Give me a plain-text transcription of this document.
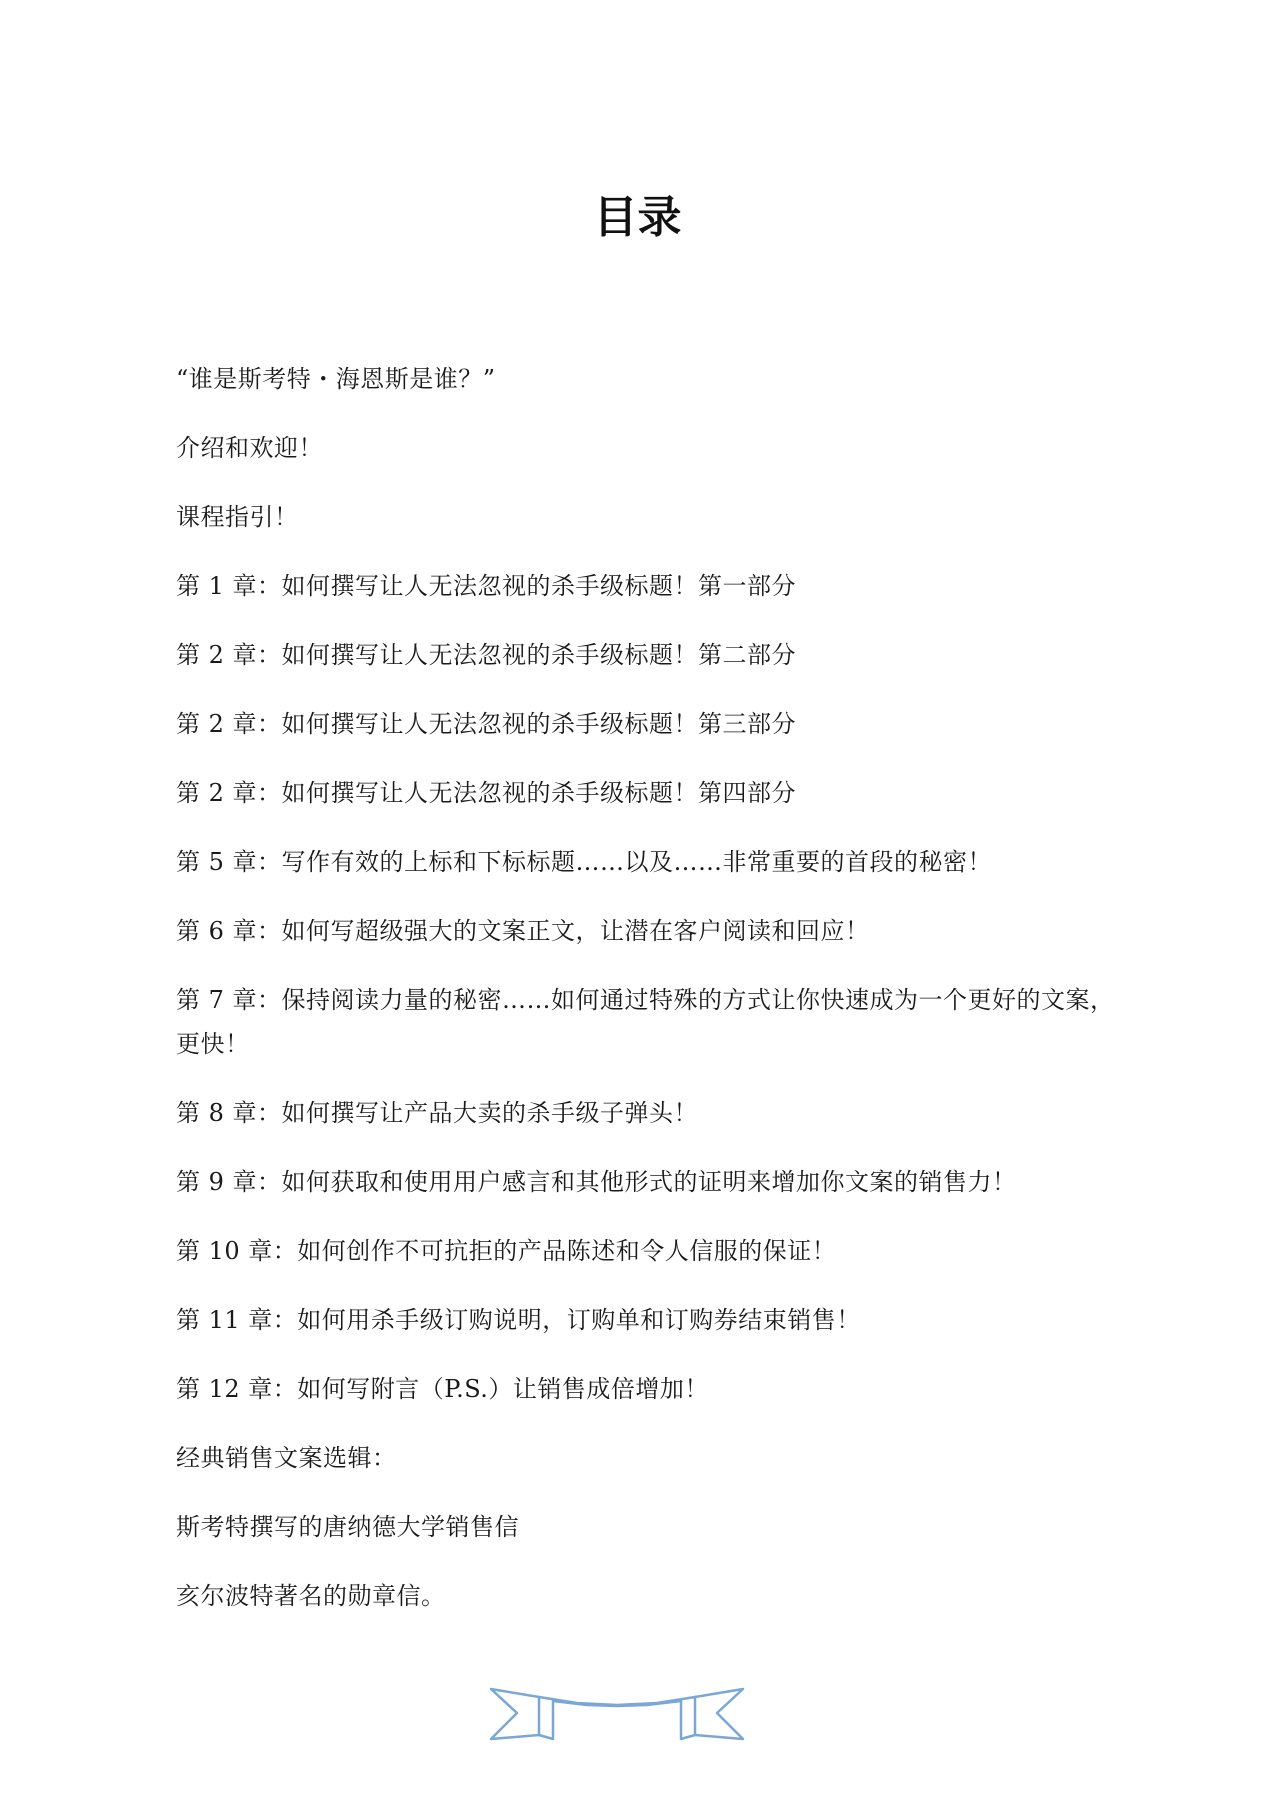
目录
“谁是斯考特・海恩斯是谁？”
介绍和欢迎！
课程指引！
第 1 章：如何撰写让人无法忽视的杀手级标题！第一部分
第 2 章：如何撰写让人无法忽视的杀手级标题！第二部分
第 2 章：如何撰写让人无法忽视的杀手级标题！第三部分
第 2 章：如何撰写让人无法忽视的杀手级标题！第四部分
第 5 章：写作有效的上标和下标标题……以及……非常重要的首段的秘密！
第 6 章：如何写超级强大的文案正文，让潜在客户阅读和回应！
第 7 章：保持阅读力量的秘密……如何通过特殊的方式让你快速成为一个更好的文案，更快！
第 8 章：如何撰写让产品大卖的杀手级子弹头！
第 9 章：如何获取和使用用户感言和其他形式的证明来增加你文案的销售力！
第 10 章：如何创作不可抗拒的产品陈述和令人信服的保证！
第 11 章：如何用杀手级订购说明，订购单和订购券结束销售！
第 12 章：如何写附言（P.S.）让销售成倍增加！
经典销售文案选辑：
斯考特撰写的唐纳德大学销售信
亥尔波特著名的勋章信。
